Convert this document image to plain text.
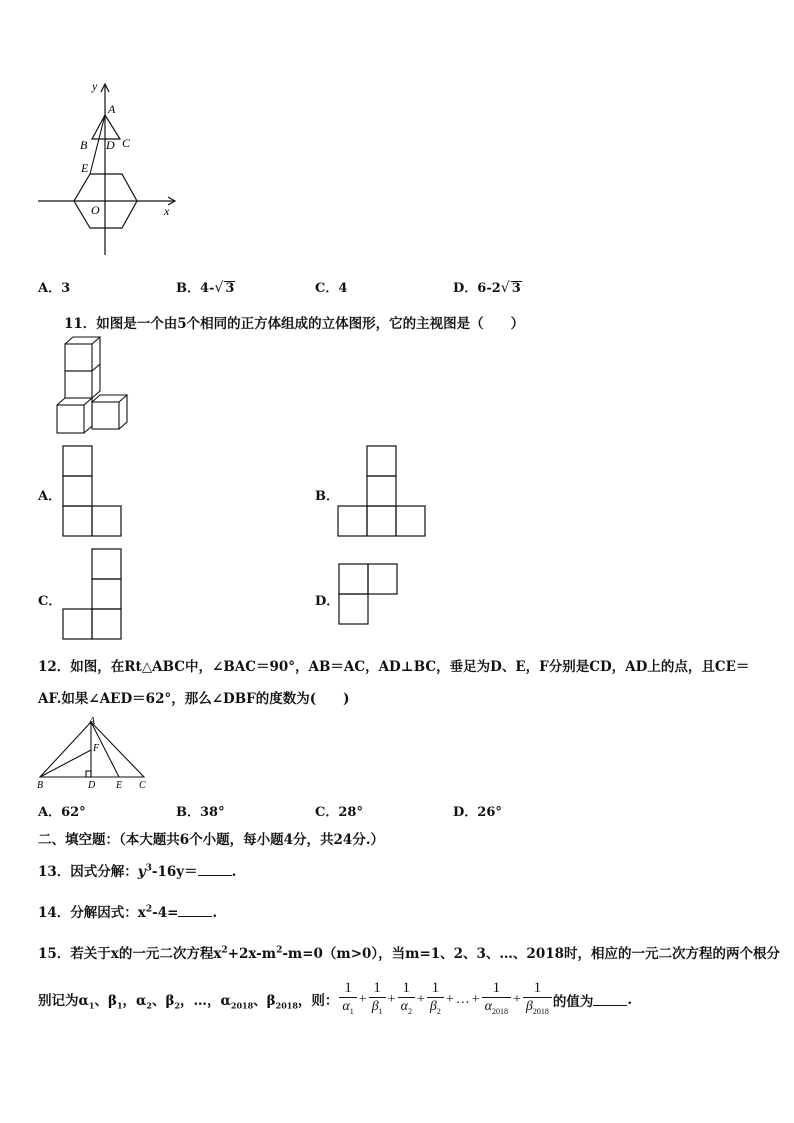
y
A
B D C
E
O	x
A．3	B．4-√ 3	C．4	D．6-2√ 3
11．如图是一个由5个相同的正方体组成的立体图形，它的主视图是（　　）
A．	B．
C．	D．
12．如图，在Rt△ABC中，∠BAC＝90°，AB＝AC，AD⊥BC，垂足为D、E，F分别是CD，AD上的点，且CE＝
AF.如果∠AED＝62°，那么∠DBF的度数为(　　)
A
F
B	D E C
A．62°	B．38°	C．28°	D．26°
二、填空题：（本大题共6个小题，每小题4分，共24分.）
13．因式分解：$y^3-16y=$	.
14．分解因式：$x^2-4=$	.
15．若关于x的一元二次方程$x^2+2x-m^2-m=0(m>0)$，当m=1、2、3、…、2018时，相应的一元二次方程的两个根分
别记为$\alpha_1$、$\beta_1$，$\alpha_2$、$\beta_2$，…，$\alpha_{2018}$、$\beta_{2018}$，则： $\frac{1}{\alpha_1} + \frac{1}{\beta_1} + \frac{1}{\alpha_2} + \frac{1}{\beta_2}$ + … + $\frac{1}{\alpha_{2018}} + \frac{1}{\beta_{2018}}$ 的值为	.
